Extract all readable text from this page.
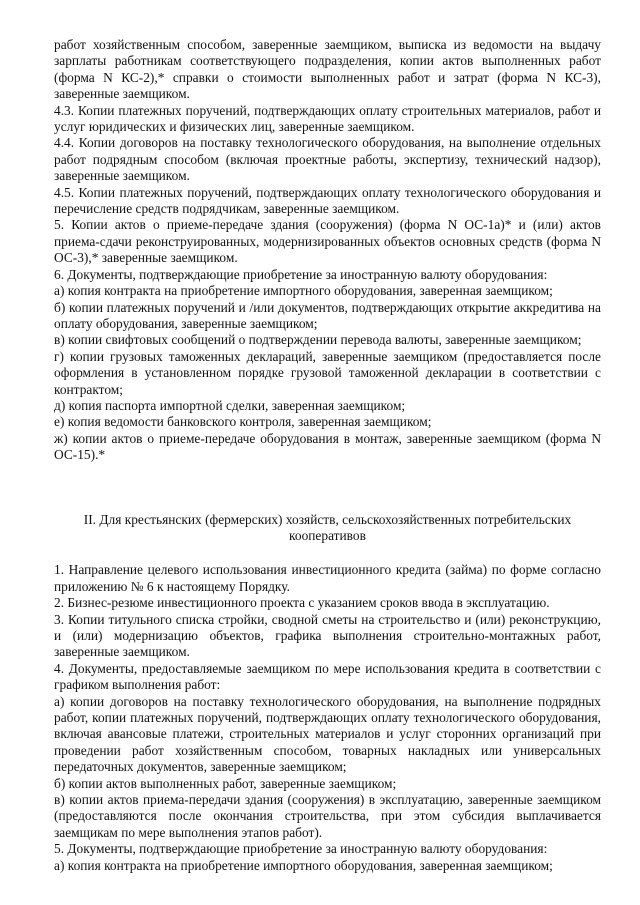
работ хозяйственным способом, заверенные заемщиком, выписка из ведомости на выдачу зарплаты работникам соответствующего подразделения, копии актов выполненных работ (форма N КС-2),* справки о стоимости выполненных работ и затрат (форма N КС-3), заверенные заемщиком.

4.3. Копии платежных поручений, подтверждающих оплату строительных материалов, работ и услуг юридических и физических лиц, заверенные заемщиком.

4.4. Копии договоров на поставку технологического оборудования, на выполнение отдельных работ подрядным способом (включая проектные работы, экспертизу, технический надзор), заверенные заемщиком.

4.5. Копии платежных поручений, подтверждающих оплату технологического оборудования и перечисление средств подрядчикам, заверенные заемщиком.

5. Копии актов о приеме-передаче здания (сооружения) (форма N ОС-1а)* и (или) актов приема-сдачи реконструированных, модернизированных объектов основных средств (форма N ОС-3),* заверенные заемщиком.

6. Документы, подтверждающие приобретение за иностранную валюту оборудования:

а) копия контракта на приобретение импортного оборудования, заверенная заемщиком;

б) копии платежных поручений и /или документов, подтверждающих открытие аккредитива на оплату оборудования, заверенные заемщиком;

в) копии свифтовых сообщений о подтверждении перевода валюты, заверенные заемщиком;

г) копии грузовых таможенных деклараций, заверенные заемщиком (предоставляется после оформления в установленном порядке грузовой таможенной декларации в соответствии с контрактом;

д) копия паспорта импортной сделки, заверенная заемщиком;

е) копия ведомости банковского контроля, заверенная заемщиком;

ж) копии актов о приеме-передаче оборудования в монтаж, заверенные заемщиком (форма N ОС-15).*

II. Для крестьянских (фермерских) хозяйств, сельскохозяйственных потребительских кооперативов

1. Направление целевого использования инвестиционного кредита (займа) по форме согласно приложению № 6 к настоящему Порядку.

2. Бизнес-резюме инвестиционного проекта с указанием сроков ввода в эксплуатацию.

3. Копии титульного списка стройки, сводной сметы на строительство и (или) реконструкцию, и (или) модернизацию объектов, графика выполнения строительно-монтажных работ, заверенные заемщиком.

4. Документы, предоставляемые заемщиком по мере использования кредита в соответствии с графиком выполнения работ:

а) копии договоров на поставку технологического оборудования, на выполнение подрядных работ, копии платежных поручений, подтверждающих оплату технологического оборудования, включая авансовые платежи, строительных материалов и услуг сторонних организаций при проведении работ хозяйственным способом, товарных накладных или универсальных передаточных документов, заверенные заемщиком;

б) копии актов выполненных работ, заверенные заемщиком;

в) копии актов приема-передачи здания (сооружения) в эксплуатацию, заверенные заемщиком (предоставляются после окончания строительства, при этом субсидия выплачивается заемщикам по мере выполнения этапов работ).

5. Документы, подтверждающие приобретение за иностранную валюту оборудования:

а) копия контракта на приобретение импортного оборудования, заверенная заемщиком;
